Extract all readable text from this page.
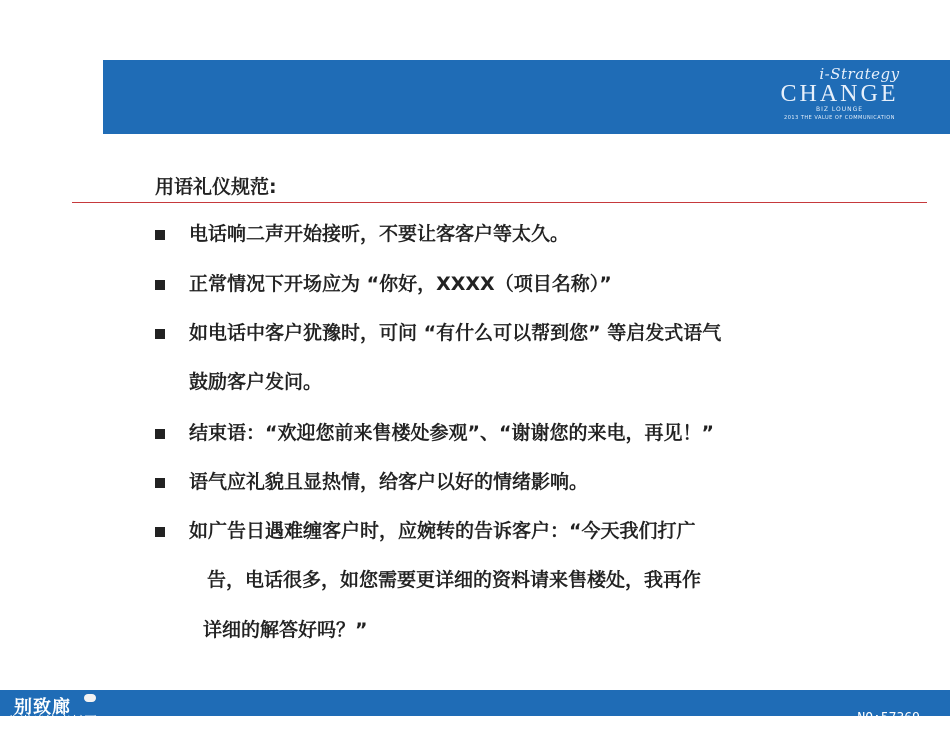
i-Strategy
CHANGE
BIZ LOUNGE
2013 THE VALUE OF COMMUNICATION
用语礼仪规范:
电话响二声开始接听，不要让客客户等太久。
正常情况下开场应为 “你好，XXXX（项目名称）”
如电话中客户犹豫时，可问 “有什么可以帮到您” 等启发式语气
鼓励客户发问。
结束语：“欢迎您前来售楼处参观”、“谢谢您的来电，再见！”
语气应礼貌且显热情，给客户以好的情绪影响。
如广告日遇难缠客户时，应婉转的告诉客户：“今天我们打广
告，电话很多，如您需要更详细的资料请来售楼处，我再作
详细的解答好吗？”
别致廊
典尚建筑素材网 JZ.JZSC.NET	NO:57369
